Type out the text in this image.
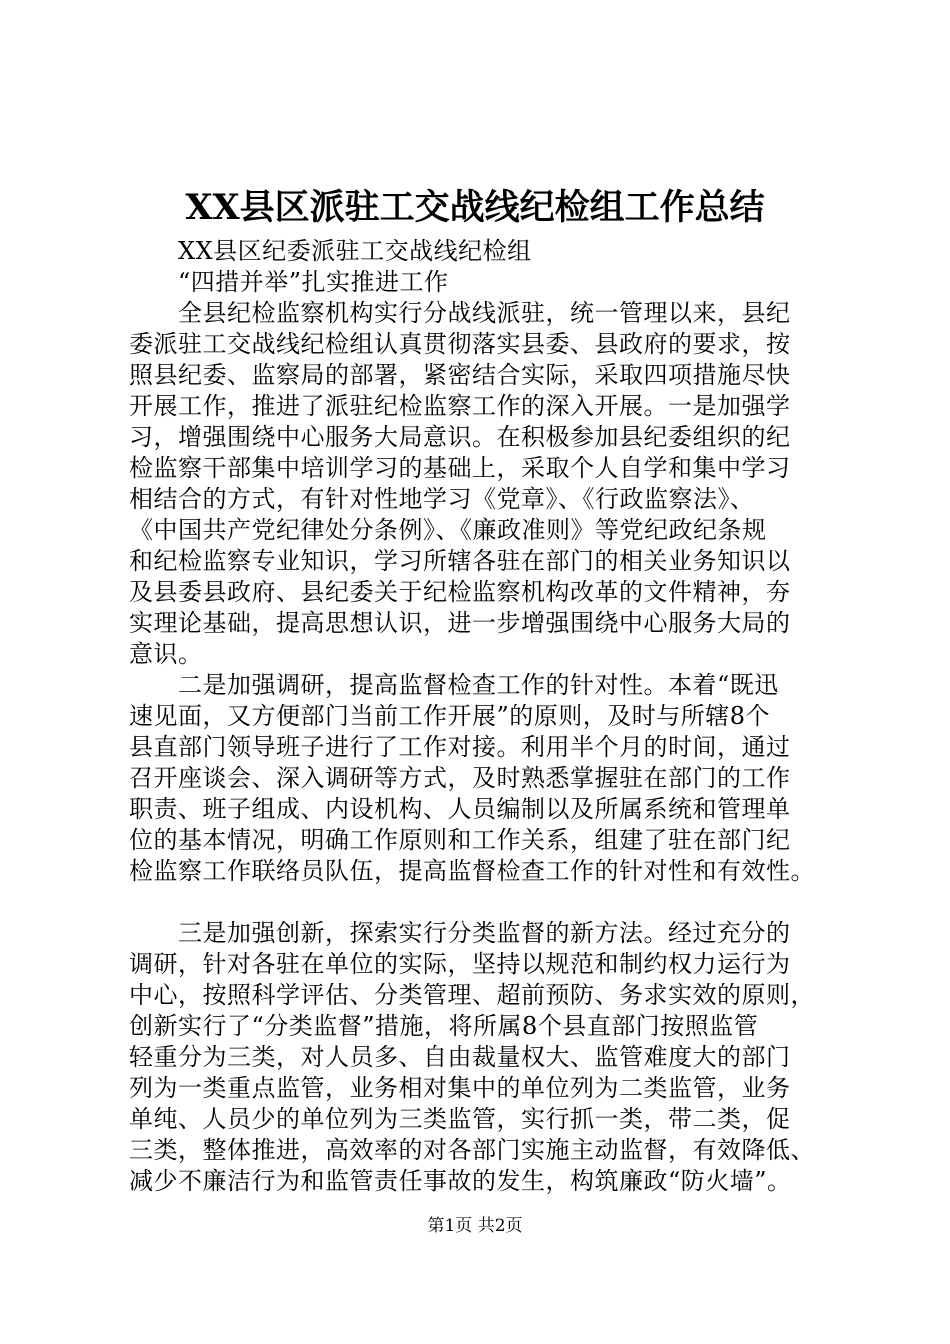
XX县区派驻工交战线纪检组工作总结
　　XX县区纪委派驻工交战线纪检组
　　“四措并举”扎实推进工作
　　全县纪检监察机构实行分战线派驻，统一管理以来，县纪
委派驻工交战线纪检组认真贯彻落实县委、县政府的要求，按
照县纪委、监察局的部署，紧密结合实际，采取四项措施尽快
开展工作，推进了派驻纪检监察工作的深入开展。一是加强学
习，增强围绕中心服务大局意识。在积极参加县纪委组织的纪
检监察干部集中培训学习的基础上，采取个人自学和集中学习
相结合的方式，有针对性地学习《党章》、《行政监察法》、
《中国共产党纪律处分条例》、《廉政准则》等党纪政纪条规
和纪检监察专业知识，学习所辖各驻在部门的相关业务知识以
及县委县政府、县纪委关于纪检监察机构改革的文件精神，夯
实理论基础，提高思想认识，进一步增强围绕中心服务大局的
意识。
　　二是加强调研，提高监督检查工作的针对性。本着“既迅
速见面，又方便部门当前工作开展”的原则，及时与所辖8个
县直部门领导班子进行了工作对接。利用半个月的时间，通过
召开座谈会、深入调研等方式，及时熟悉掌握驻在部门的工作
职责、班子组成、内设机构、人员编制以及所属系统和管理单
位的基本情况，明确工作原则和工作关系，组建了驻在部门纪
检监察工作联络员队伍，提高监督检查工作的针对性和有效性。
　　三是加强创新，探索实行分类监督的新方法。经过充分的
调研，针对各驻在单位的实际，坚持以规范和制约权力运行为
中心，按照科学评估、分类管理、超前预防、务求实效的原则，
创新实行了“分类监督”措施，将所属8个县直部门按照监管
轻重分为三类，对人员多、自由裁量权大、监管难度大的部门
列为一类重点监管，业务相对集中的单位列为二类监管，业务
单纯、人员少的单位列为三类监管，实行抓一类，带二类，促
三类，整体推进，高效率的对各部门实施主动监督，有效降低、
减少不廉洁行为和监管责任事故的发生，构筑廉政“防火墙”。
第1页 共2页
